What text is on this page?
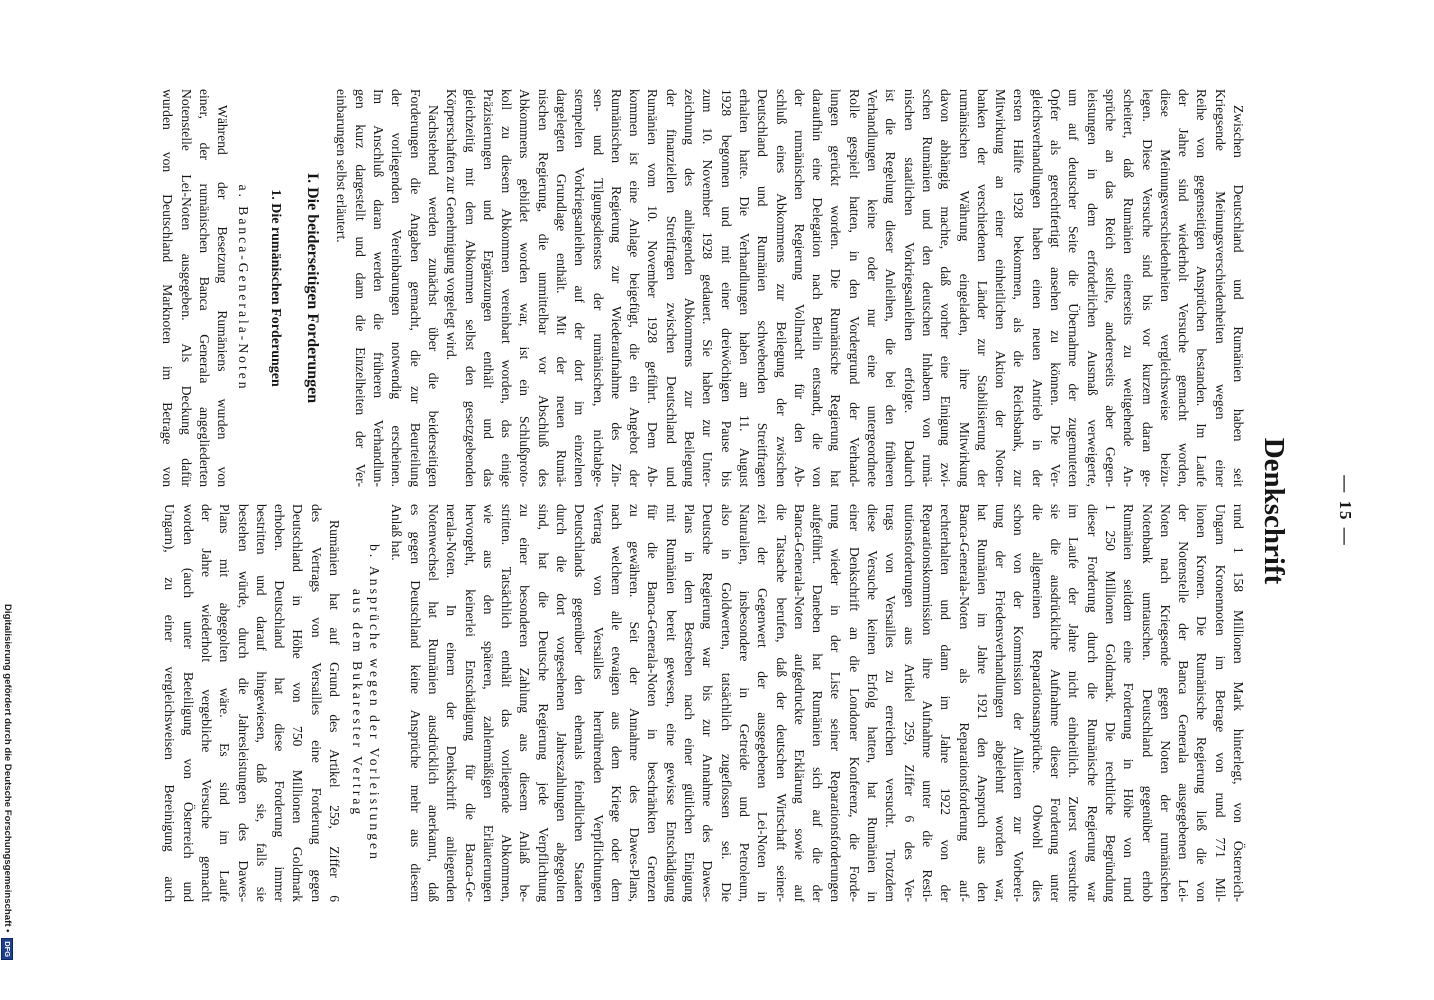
— 15 —
Denkschrift
Zwischen Deutschland und Rumänien haben seit
Kriegsende Meinungsverschiedenheiten wegen einer
Reihe von gegenseitigen Ansprüchen bestanden. Im Laufe
der Jahre sind wiederholt Versuche gemacht worden,
diese Meinungsverschiedenheiten vergleichsweise beizu-
legen. Diese Versuche sind bis vor kurzem daran ge-
scheitert, daß Rumänien einerseits zu weitgehende An-
sprüche an das Reich stellte, andererseits aber Gegen-
leistungen in dem erforderlichen Ausmaß verweigerte,
um auf deutscher Seite die Übernahme der zugemuteten
Opfer als gerechtfertigt ansehen zu können. Die Ver-
gleichsverhandlungen haben einen neuen Antrieb in der
ersten Hälfte 1928 bekommen, als die Reichsbank, zur
Mitwirkung an einer einheitlichen Aktion der Noten-
banken der verschiedenen Länder zur Stabilisierung der
rumänischen Währung eingeladen, ihre Mitwirkung
davon abhängig machte, daß vorher eine Einigung zwi-
schen Rumänien und den deutschen Inhabern von rumä-
nischen staatlichen Vorkriegsanleihen erfolgte. Dadurch
ist die Regelung dieser Anleihen, die bei den früheren
Verhandlungen keine oder nur eine untergeordnete
Rolle gespielt hatten, in den Vordergrund der Verhand-
lungen gerückt worden. Die Rumänische Regierung hat
daraufhin eine Delegation nach Berlin entsandt, die von
der rumänischen Regierung Vollmacht für den Ab-
schluß eines Abkommens zur Beilegung der zwischen
Deutschland und Rumänien schwebenden Streitfragen
erhalten hatte. Die Verhandlungen haben am 11. August
1928 begonnen und mit einer dreiwöchigen Pause bis
zum 10. November 1928 gedauert. Sie haben zur Unter-
zeichnung des anliegenden Abkommens zur Beilegung
der finanziellen Streitfragen zwischen Deutschland und
Rumänien vom 10. November 1928 geführt. Dem Ab-
kommen ist eine Anlage beigefügt, die ein Angebot der
Rumänischen Regierung zur Wiederaufnahme des Zin-
sen- und Tilgungsdienstes der rumänischen, nichtabge-
stempelten Vorkriegsanleihen auf der dort im einzelnen
dargelegten Grundlage enthält. Mit der neuen Rumä-
nischen Regierung, die unmittelbar vor Abschluß des
Abkommens gebildet worden war, ist ein Schlußproto-
koll zu diesem Abkommen vereinbart worden, das einige
Präzisierungen und Ergänzungen enthält und das
gleichzeitig mit dem Abkommen selbst den gesetzgebenden
Körperschaften zur Genehmigung vorgelegt wird.
Nachstehend werden zunächst über die beiderseitigen
Forderungen die Angaben gemacht, die zur Beurteilung
der vorliegenden Vereinbarungen notwendig erscheinen.
Im Anschluß daran werden die früheren Verhandlun-
gen kurz dargestellt und dann die Einzelheiten der Ver-
einbarungen selbst erläutert.
I. Die beiderseitigen Forderungen
1. Die rumänischen Forderungen
a. Banca-Generala-Noten
Während der Besetzung Rumäniens wurden von
einer, der rumänischen Banca Generala angegliederten
Notenstelle Lei-Noten ausgegeben. Als Deckung dafür
wurden von Deutschland Marknoten im Betrage von
rund 1 158 Millionen Mark hinterlegt, von Österreich-
Ungarn Kronennoten im Betrage von rund 771 Mil-
lionen Kronen. Die Rumänische Regierung ließ die von
der Notenstelle der Banca Generala ausgegebenen Lei-
Noten nach Kriegsende gegen Noten der rumänischen
Notenbank umtauschen. Deutschland gegenüber erhob
Rumänien seitdem eine Forderung in Höhe von rund
1 250 Millionen Goldmark. Die rechtliche Begründung
dieser Forderung durch die Rumänische Regierung war
im Laufe der Jahre nicht einheitlich. Zuerst versuchte
sie die ausdrückliche Aufnahme dieser Forderung unter
die allgemeinen Reparationsansprüche. Obwohl dies
schon von der Kommission der Alliierten zur Vorberei-
tung der Friedensverhandlungen abgelehnt worden war,
hat Rumänien im Jahre 1921 den Anspruch aus den
Banca-Generala-Noten als Reparationsforderung auf-
rechterhalten und dann im Jahre 1922 von der
Reparationskommission ihre Aufnahme unter die Resti-
tutionsforderungen aus Artikel 259, Ziffer 6 des Ver-
trags von Versailles zu erreichen versucht. Trotzdem
diese Versuche keinen Erfolg hatten, hat Rumänien in
einer Denkschrift an die Londoner Konferenz, die Forde-
rung wieder in der Liste seiner Reparationsforderungen
aufgeführt. Daneben hat Rumänien sich auf die der
Banca-Generala-Noten aufgedruckte Erklärung sowie auf
die Tatsache berufen, daß der deutschen Wirtschaft seiner-
zeit der Gegenwert der ausgegebenen Lei-Noten in
Naturalien, insbesondere in Getreide und Petroleum,
also in Goldwerten, tatsächlich zugeflossen sei. Die
Deutsche Regierung war bis zur Annahme des Dawes-
Plans in dem Bestreben nach einer gütlichen Einigung
mit Rumänien bereit gewesen, eine gewisse Entschädigung
für die Banca-Generala-Noten in beschränkten Grenzen
zu gewähren. Seit der Annahme des Dawes-Plans,
nach welchem alle etwaigen aus dem Kriege oder dem
Vertrag von Versailles herrührenden Verpflichtungen
Deutschlands gegenüber den ehemals feindlichen Staaten
durch die dort vorgesehenen Jahreszahlungen abgegolten
sind, hat die Deutsche Regierung jede Verpflichtung
zu einer besonderen Zahlung aus diesem Anlaß be-
stritten. Tatsächlich enthält das vorliegende Abkommen,
wie aus den späteren, zahlenmäßigen Erläuterungen
hervorgeht, keinerlei Entschädigung für die Banca-Ge-
nerala-Noten. In einem der Denkschrift anliegenden
Notenwechsel hat Rumänien ausdrücklich anerkannt, daß
es gegen Deutschland keine Ansprüche mehr aus diesem
Anlaß hat.
b. Ansprüche wegen der Vorleistungen
aus dem Bukarester Vertrag
Rumänien hat auf Grund des Artikel 259, Ziffer 6
des Vertrags von Versailles eine Forderung gegen
Deutschland in Höhe von 750 Millionen Goldmark
erhoben. Deutschland hat diese Forderung immer
bestritten und darauf hingewiesen, daß sie, falls sie
bestehen würde, durch die Jahresleistungen des Dawes-
Plans mit abgegolten wäre. Es sind im Laufe
der Jahre wiederholt vergebliche Versuche gemacht
worden (auch unter Beteiligung von Österreich und
Ungarn), zu einer vergleichsweisen Bereinigung auch
Digitalisierung gefördert durch die Deutsche Forschungsgemeinschaft • DFG
